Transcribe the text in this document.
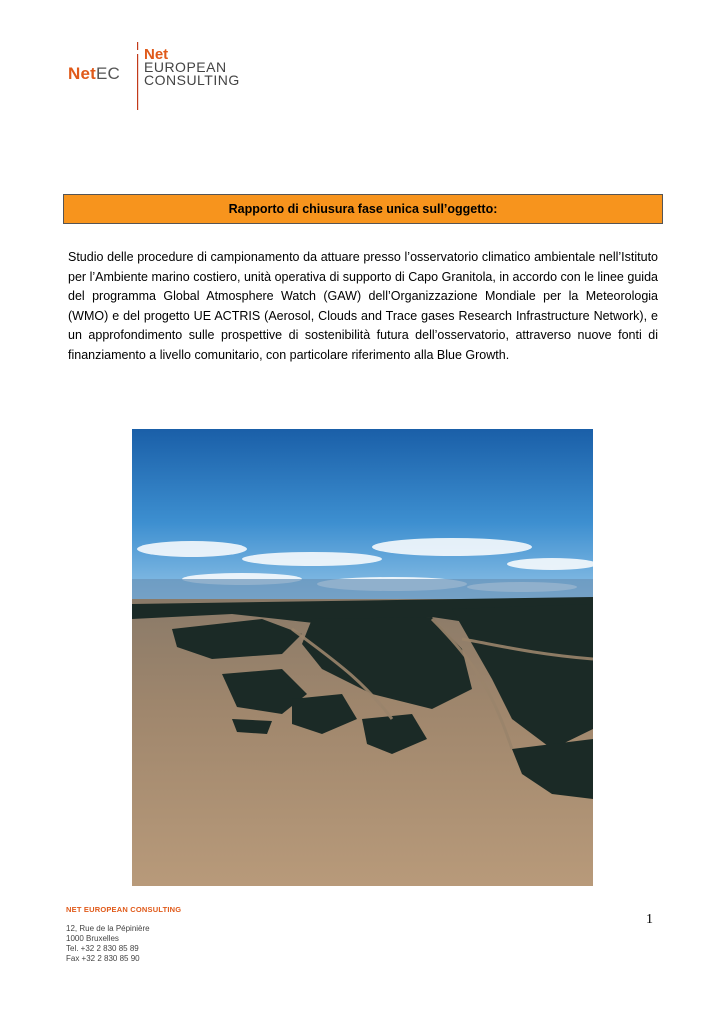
NetEC
Net
EUROPEAN
CONSULTING
Rapporto di chiusura fase unica sull’oggetto:
Studio delle procedure di campionamento da attuare presso l’osservatorio climatico ambientale nell’Istituto per l’Ambiente marino costiero, unità operativa di supporto di Capo Granitola, in accordo con le linee guida del programma Global Atmosphere Watch (GAW) dell’Organizzazione Mondiale per la Meteorologia (WMO) e del progetto UE ACTRIS (Aerosol, Clouds and Trace gases Research Infrastructure Network), e un approfondimento sulle prospettive di sostenibilità futura dell’osservatorio, attraverso nuove fonti di finanziamento a livello comunitario, con particolare riferimento alla Blue Growth.
NET EUROPEAN CONSULTING
12, Rue de la Pépinière
1000 Bruxelles
Tel. +32 2 830 85 89
Fax +32 2 830 85 90
1
